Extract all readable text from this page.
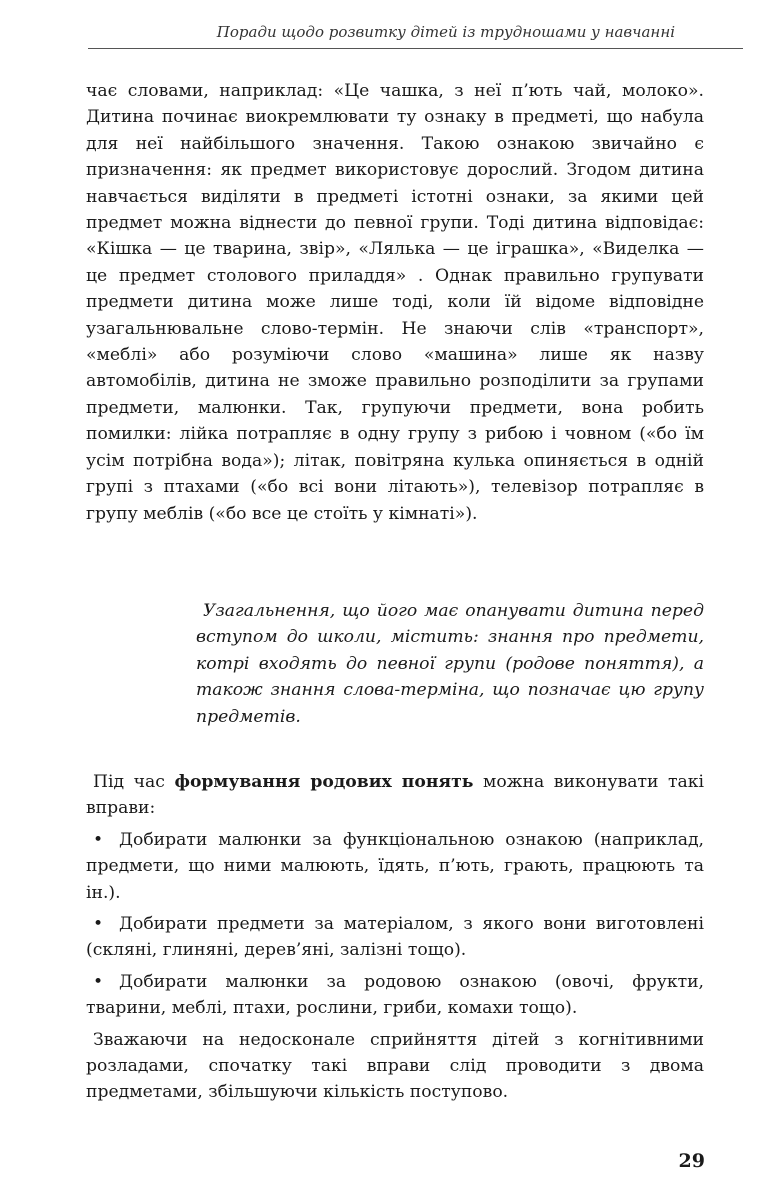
Поради щодо розвитку дітей із трудношами у навчанні

чає словами, наприклад: «Це чашка, з неї п’ють чай, молоко». Дитина починає виокремлювати ту ознаку в предметі, що набула для неї найбільшого значення. Такою ознакою звичайно є призначення: як предмет використовує дорослий. Згодом дитина навчається виділяти в предметі істотні ознаки, за якими цей предмет можна віднести до певної групи. Тоді дитина відповідає: «Кішка — це тварина, звір», «Лялька — це іграшка», «Виделка — це предмет столового приладдя» . Однак правильно групувати предмети дитина може лише тоді, коли їй відоме відповідне узагальнювальне слово-термін. Не знаючи слів «транспорт», «меблі» або розуміючи слово «машина» лише як назву автомобілів, дитина не зможе правильно розподілити за групами предмети, малюнки. Так, групуючи предмети, вона робить помилки: лійка потрапляє в одну групу з рибою і човном («бо їм усім потрібна вода»); літак, повітряна кулька опиняється в одній групі з птахами («бо всі вони літають»), телевізор потрапляє в групу меблів («бо все це стоїть у кімнаті»).

Узагальнення, що його має опанувати дитина перед вступом до школи, містить: знання про предмети, котрі входять до певної групи (родове поняття), а також знання слова-терміна, що позначає цю групу предметів.

Під час формування родових понять можна виконувати такі вправи:

• Добирати малюнки за функціональною ознакою (наприклад, предмети, що ними малюють, їдять, п’ють, грають, працюють та ін.).

• Добирати предмети за матеріалом, з якого вони виготовлені (скляні, глиняні, дерев’яні, залізні тощо).

• Добирати малюнки за родовою ознакою (овочі, фрукти, тварини, меблі, птахи, рослини, гриби, комахи тощо).

Зважаючи на недосконале сприйняття дітей з когнітивними розладами, спочатку такі вправи слід проводити з двома предметами, збільшуючи кількість поступово.

29
